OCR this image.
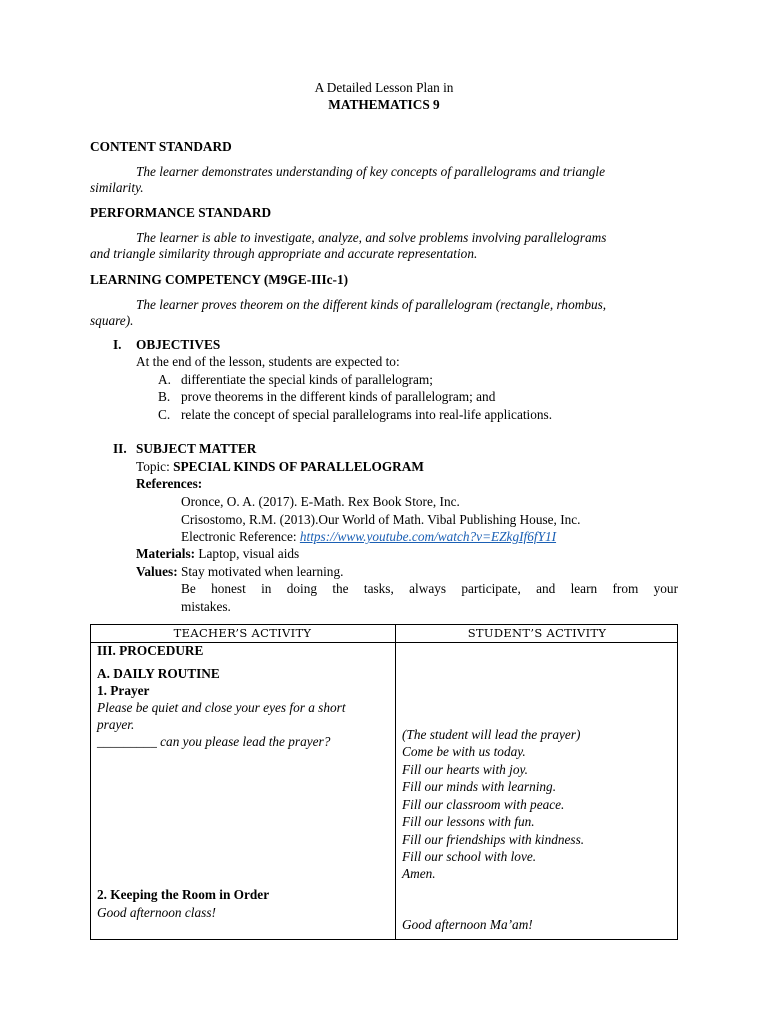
A Detailed Lesson Plan in
MATHEMATICS 9
CONTENT STANDARD
The learner demonstrates understanding of key concepts of parallelograms and triangle
similarity.
PERFORMANCE STANDARD
The learner is able to investigate, analyze, and solve problems involving parallelograms
and triangle similarity through appropriate and accurate representation.
LEARNING COMPETENCY (M9GE-IIIc-1)
The learner proves theorem on the different kinds of parallelogram (rectangle, rhombus,
square).
I. OBJECTIVES
At the end of the lesson, students are expected to:
A. differentiate the special kinds of parallelogram;
B. prove theorems in the different kinds of parallelogram; and
C. relate the concept of special parallelograms into real-life applications.
II. SUBJECT MATTER
Topic: SPECIAL KINDS OF PARALLELOGRAM
References:
Oronce, O. A. (2017). E-Math. Rex Book Store, Inc.
Crisostomo, R.M. (2013).Our World of Math. Vibal Publishing House, Inc.
Electronic Reference: https://www.youtube.com/watch?v=EZkgIf6fY1I
Materials: Laptop, visual aids
Values: Stay motivated when learning.
Be honest in doing the tasks, always participate, and learn from your
mistakes.
TEACHER’S ACTIVITY	STUDENT’S ACTIVITY
III. PROCEDURE
A. DAILY ROUTINE
1. Prayer
Please be quiet and close your eyes for a short
prayer.
_________ can you please lead the prayer?	(The student will lead the prayer)
Come be with us today.
Fill our hearts with joy.
Fill our minds with learning.
Fill our classroom with peace.
Fill our lessons with fun.
Fill our friendships with kindness.
Fill our school with love.
Amen.
2. Keeping the Room in Order
Good afternoon class!
Good afternoon Ma’am!
